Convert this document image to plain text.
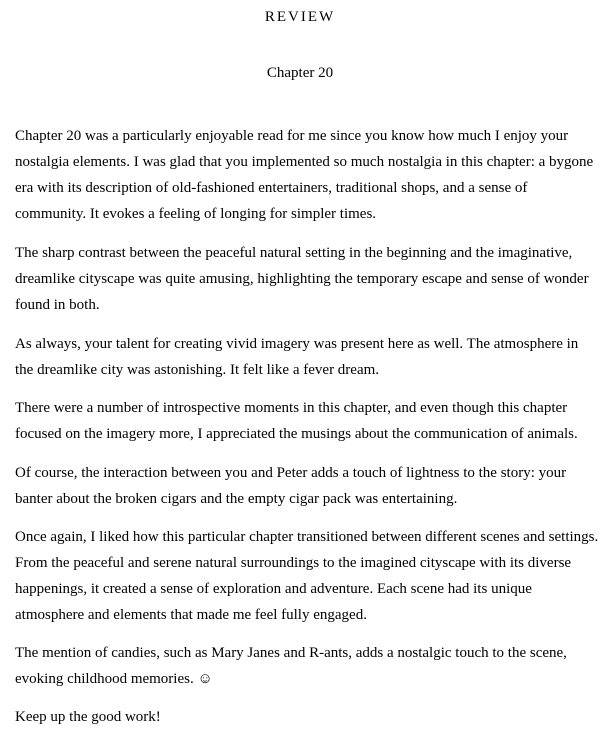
REVIEW
Chapter 20

Chapter 20 was a particularly enjoyable read for me since you know how much I enjoy your
nostalgia elements. I was glad that you implemented so much nostalgia in this chapter: a bygone
era with its description of old-fashioned entertainers, traditional shops, and a sense of
community. It evokes a feeling of longing for simpler times.

The sharp contrast between the peaceful natural setting in the beginning and the imaginative,
dreamlike cityscape was quite amusing, highlighting the temporary escape and sense of wonder
found in both.

As always, your talent for creating vivid imagery was present here as well. The atmosphere in
the dreamlike city was astonishing. It felt like a fever dream.

There were a number of introspective moments in this chapter, and even though this chapter
focused on the imagery more, I appreciated the musings about the communication of animals.

Of course, the interaction between you and Peter adds a touch of lightness to the story: your
banter about the broken cigars and the empty cigar pack was entertaining.

Once again, I liked how this particular chapter transitioned between different scenes and settings.
From the peaceful and serene natural surroundings to the imagined cityscape with its diverse
happenings, it created a sense of exploration and adventure. Each scene had its unique
atmosphere and elements that made me feel fully engaged.

The mention of candies, such as Mary Janes and R-ants, adds a nostalgic touch to the scene,
evoking childhood memories. ☺

Keep up the good work!
